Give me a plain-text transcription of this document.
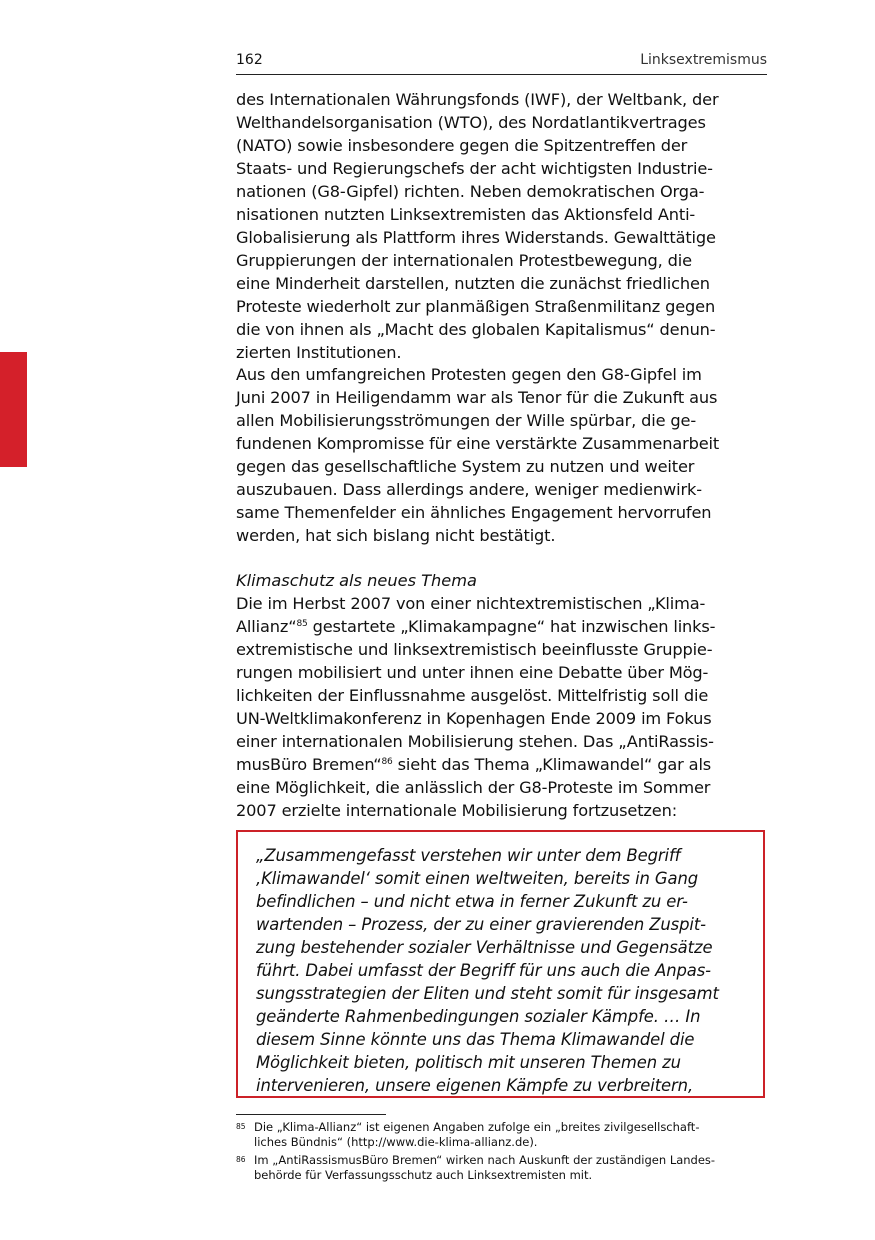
162	Linksextremismus

des Internationalen Währungsfonds (IWF), der Weltbank, der
Welthandelsorganisation (WTO), des Nordatlantikvertrages
(NATO) sowie insbesondere gegen die Spitzentreffen der
Staats- und Regierungschefs der acht wichtigsten Industrie-
nationen (G8-Gipfel) richten. Neben demokratischen Orga-
nisationen nutzten Linksextremisten das Aktionsfeld Anti-
Globalisierung als Plattform ihres Widerstands. Gewalttätige
Gruppierungen der internationalen Protestbewegung, die
eine Minderheit darstellen, nutzten die zunächst friedlichen
Proteste wiederholt zur planmäßigen Straßenmilitanz gegen
die von ihnen als „Macht des globalen Kapitalismus“ denun-
zierten Institutionen.

Aus den umfangreichen Protesten gegen den G8-Gipfel im
Juni 2007 in Heiligendamm war als Tenor für die Zukunft aus
allen Mobilisierungsströmungen der Wille spürbar, die ge-
fundenen Kompromisse für eine verstärkte Zusammenarbeit
gegen das gesellschaftliche System zu nutzen und weiter
auszubauen. Dass allerdings andere, weniger medienwirk-
same Themenfelder ein ähnliches Engagement hervorrufen
werden, hat sich bislang nicht bestätigt.

Klimaschutz als neues Thema

Die im Herbst 2007 von einer nichtextremistischen „Klima-
Allianz“$^{85}$ gestartete „Klimakampagne“ hat inzwischen links-
extremistische und linksextremistisch beeinflusste Gruppie-
rungen mobilisiert und unter ihnen eine Debatte über Mög-
lichkeiten der Einflussnahme ausgelöst. Mittelfristig soll die
UN-Weltklimakonferenz in Kopenhagen Ende 2009 im Fokus
einer internationalen Mobilisierung stehen. Das „AntiRassis-
musBüro Bremen“$^{86}$ sieht das Thema „Klimawandel“ gar als
eine Möglichkeit, die anlässlich der G8-Proteste im Sommer
2007 erzielte internationale Mobilisierung fortzusetzen:

„Zusammengefasst verstehen wir unter dem Begriff
‚Klimawandel‘ somit einen weltweiten, bereits in Gang
befindlichen – und nicht etwa in ferner Zukunft zu er-
wartenden – Prozess, der zu einer gravierenden Zuspit-
zung bestehender sozialer Verhältnisse und Gegensätze
führt. Dabei umfasst der Begriff für uns auch die Anpas-
sungsstrategien der Eliten und steht somit für insgesamt
geänderte Rahmenbedingungen sozialer Kämpfe. … In
diesem Sinne könnte uns das Thema Klimawandel die
Möglichkeit bieten, politisch mit unseren Themen zu
intervenieren, unsere eigenen Kämpfe zu verbreitern,

85 Die „Klima-Allianz“ ist eigenen Angaben zufolge ein „breites zivilgesellschaft-
liches Bündnis“ (http://www.die-klima-allianz.de).
86 Im „AntiRassismusBüro Bremen“ wirken nach Auskunft der zuständigen Landes-
behörde für Verfassungsschutz auch Linksextremisten mit.
